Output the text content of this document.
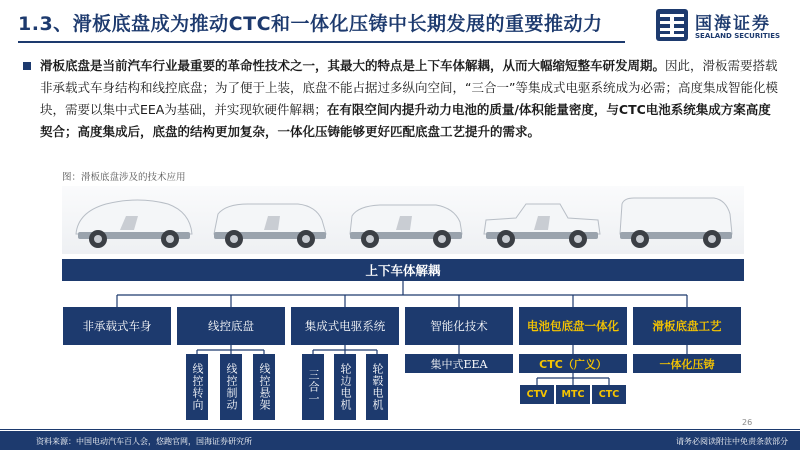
1.3、滑板底盘成为推动CTC和一体化压铸中长期发展的重要推动力	国海证券
SEALAND SECURITIES
滑板底盘是当前汽车行业最重要的革命性技术之一，其最大的特点是上下车体解耦，从而大幅缩短整车研发周期。因此，滑板需要搭载非承载式车身结构和线控底盘；为了便于上装，底盘不能占据过多纵向空间，“三合一”等集成式电驱系统成为必需；高度集成智能化模块，需要以集中式EEA为基础，并实现软硬件解耦；在有限空间内提升动力电池的质量/体积能量密度，与CTC电池系统集成方案高度契合；高度集成后，底盘的结构更加复杂，一体化压铸能够更好匹配底盘工艺提升的需求。
图：滑板底盘涉及的技术应用
上下车体解耦
非承载式车身	线控底盘	集成式电驱系统	智能化技术	电池包底盘一体化	滑板底盘工艺
线控转向	线控制动	线控悬架	三合一	轮边电机	轮毂电机	集中式EEA	CTC（广义）	一体化压铸
CTV	MTC	CTC
26
资料来源：中国电动汽车百人会，悠跑官网，国海证券研究所	请务必阅读附注中免责条款部分
